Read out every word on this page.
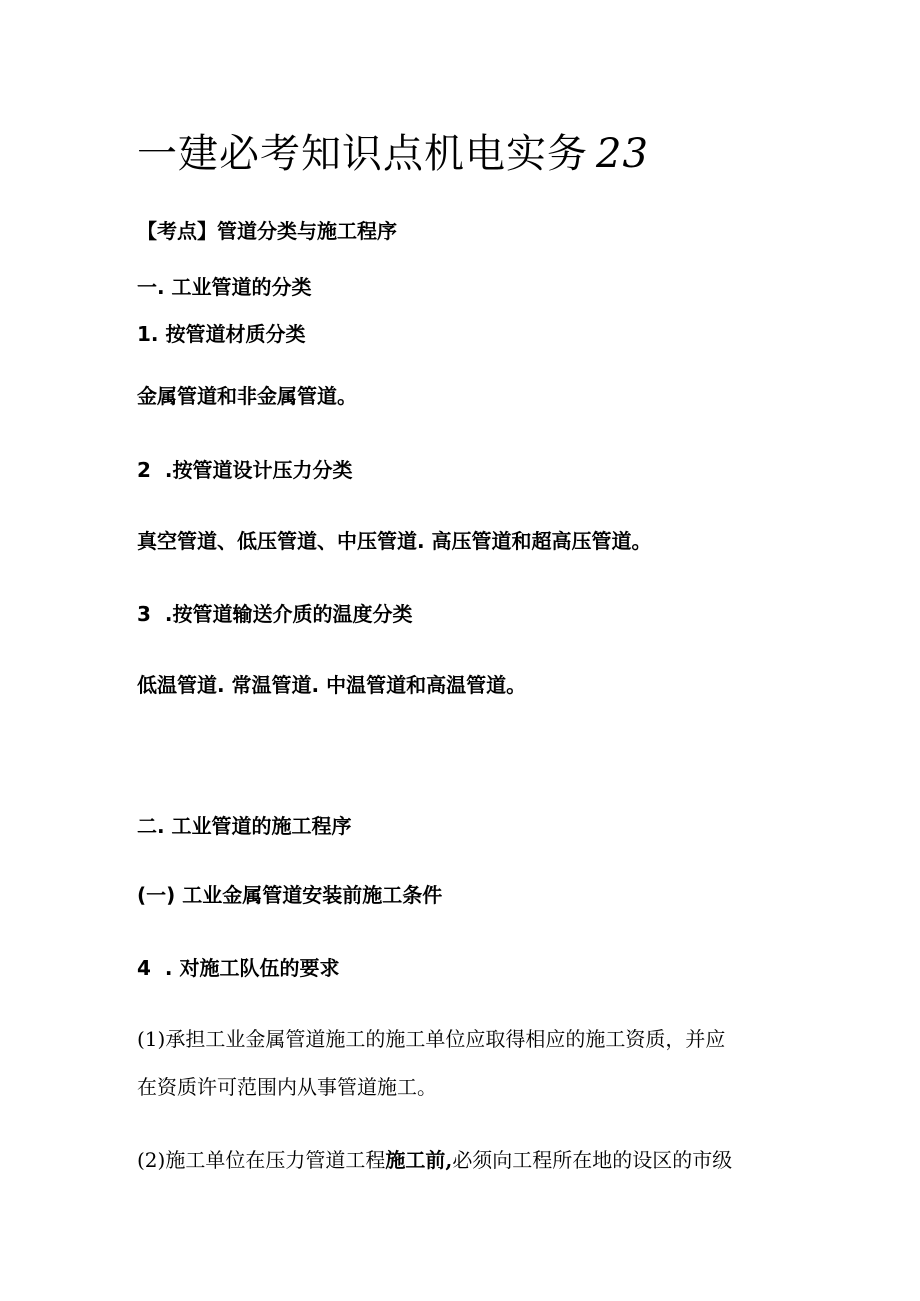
一建必考知识点机电实务 23
【考点】管道分类与施工程序
一. 工业管道的分类
1. 按管道材质分类
金属管道和非金属管道。
2 .按管道设计压力分类
真空管道、低压管道、中压管道. 高压管道和超高压管道。
3 .按管道输送介质的温度分类
低温管道. 常温管道. 中温管道和高温管道。
二. 工业管道的施工程序
(一) 工业金属管道安装前施工条件
4 . 对施工队伍的要求
(1)承担工业金属管道施工的施工单位应取得相应的施工资质，并应
在资质许可范围内从事管道施工。
(2)施工单位在压力管道工程施工前,必须向工程所在地的设区的市级
